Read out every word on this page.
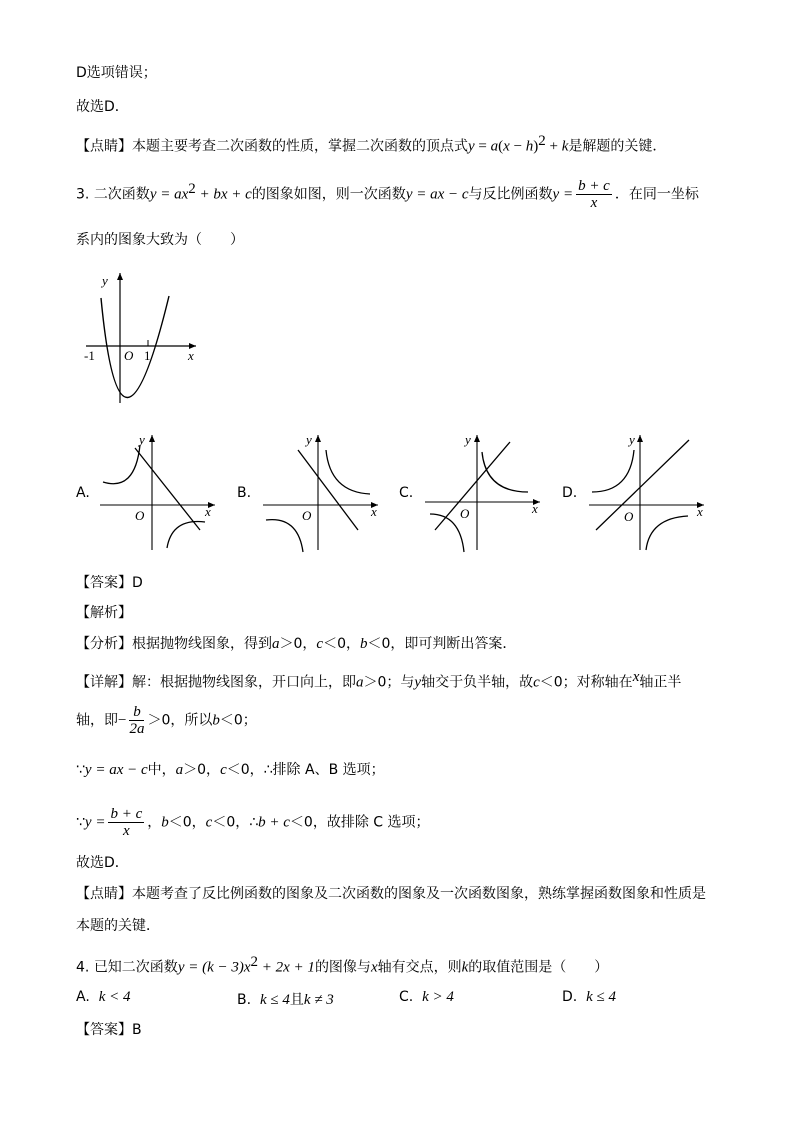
D选项错误；
故选D．
【点睛】本题主要考查二次函数的性质，掌握二次函数的顶点式$y = a(x - h)^2 + k$是解题的关键．
3. 二次函数$y = ax^2$ + bx + c的图象如图，则一次函数y = ax − c与反比例函数$y = \frac{b + c}{x}$ ．在同一坐标
系内的图象大致为（　　）
y
x
O
-1	1
A.
y
x
O
B.
y
x
O
C.
y
x
O
D.
y
x
O
【答案】D
【解析】
【分析】根据抛物线图象，得到a＞0，c＜0，b＜0，即可判断出答案．
【详解】解：根据抛物线图象，开口向上，即a＞0；与y轴交于负半轴，故c＜0；对称轴在$^x$轴正半
轴，即− $\frac{b}{2a} >0$，所以b＜0；
∵y = ax − c中，a＞0，c＜0，∴排除 A、B 选项；
∵y = $\frac{b + c}{x}$ ，b＜0，c＜0，∴b + c＜0，故排除 C 选项；
故选D．
【点睛】本题考查了反比例函数的图象及二次函数的图象及一次函数图象，熟练掌握函数图象和性质是
本题的关键．
4. 已知二次函数$y = (k - 3)x^2 + 2x + 1$的图像与x轴有交点，则k的取值范围是（　　）
A. k < 4	B. k ≤ 4且k ≠ 3	C. k > 4	D. k ≤ 4
【答案】B
